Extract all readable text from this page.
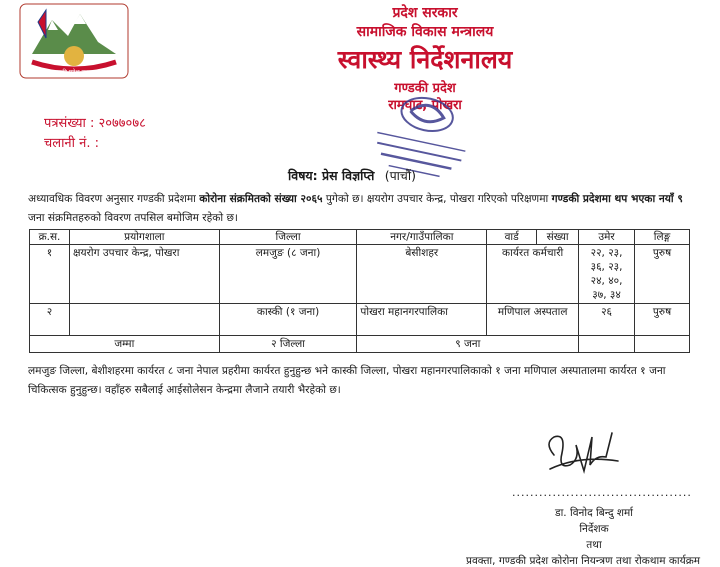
गण्डकी प्रदेश सरकार
प्रदेश सरकार
सामाजिक विकास मन्त्रालय
स्वास्थ्य निर्देशनालय
गण्डकी प्रदेश
रामघाट, पोखरा
पत्रसंख्या : २०७७०७८
चलानी नं. :
विषय: प्रेस विज्ञप्ति (पाचौं)
अध्यावधिक विवरण अनुसार गण्डकी प्रदेशमा कोरोना संक्रमितको संख्या २०६५ पुगेको छ। क्षयरोग उपचार केन्द्र, पोखरा गरिएको परिक्षणमा गण्डकी प्रदेशमा थप भएका नयाँ ९ जना संक्रमितहरुको विवरण तपसिल बमोजिम रहेको छ।
क्र.स.	प्रयोगशाला	जिल्ला	नगर/गाउँपालिका	वार्ड	संख्या	उमेर	लिङ्ग
१	क्षयरोग उपचार केन्द्र, पोखरा	लमजुङ (८ जना)	बेसीशहर	कार्यरत कर्मचारी		२२, २३, ३६, २३, २४, ४०, ३७, ३४	पुरुष
२		कास्की (१ जना)	पोखरा महानगरपालिका	मणिपाल अस्पताल		२६	पुरुष
जम्मा		२ जिल्ला	९ जना				
लमजुङ जिल्ला, बेशीशहरमा कार्यरत ८ जना नेपाल प्रहरीमा कार्यरत हुनुहुन्छ भने कास्की जिल्ला, पोखरा महानगरपालिकाको १ जना मणिपाल अस्पातालमा कार्यरत १ जना चिकित्सक हुनुहुन्छ। वहाँहरु सबैलाई आईसोलेसन केन्द्रमा लैजाने तयारी भैरहेको छ।
........................................
डा. विनोद बिन्दु शर्मा
निर्देशक
तथा
प्रवक्ता, गण्डकी प्रदेश कोरोना नियन्त्रण तथा रोकथाम कार्यक्रम
